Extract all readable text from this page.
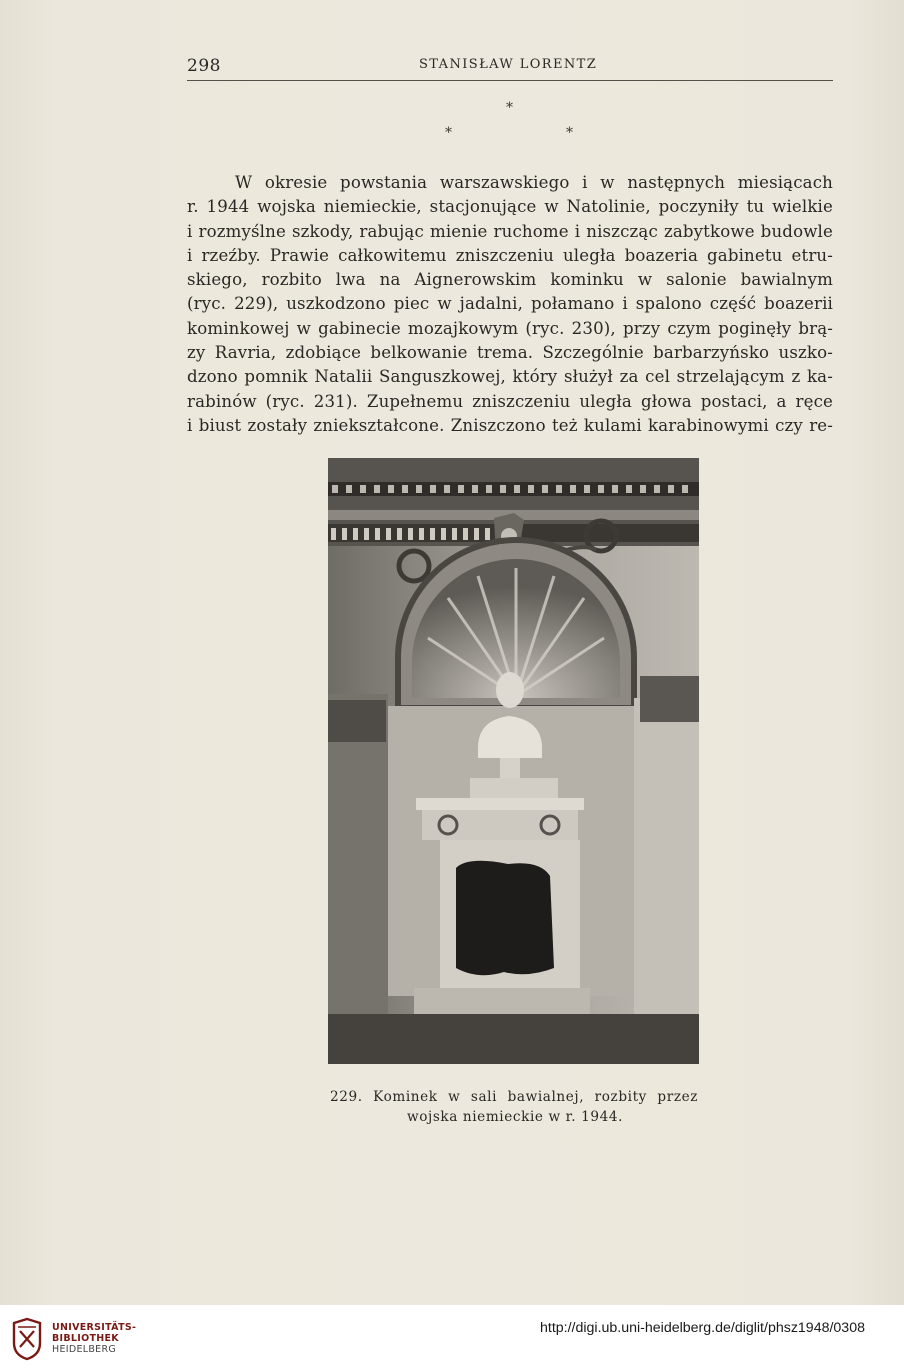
298	STANISŁAW LORENTZ
*
*	*
W okresie powstania warszawskiego i w następnych miesiącach
r. 1944 wojska niemieckie, stacjonujące w Natolinie, poczyniły tu wielkie
i rozmyślne szkody, rabując mienie ruchome i niszcząc zabytkowe budowle
i rzeźby. Prawie całkowitemu zniszczeniu uległa boazeria gabinetu etru-
skiego, rozbito lwa na Aignerowskim kominku w salonie bawialnym
(ryc. 229), uszkodzono piec w jadalni, połamano i spalono część boazerii
kominkowej w gabinecie mozajkowym (ryc. 230), przy czym poginęły brą-
zy Ravria, zdobiące belkowanie trema. Szczególnie barbarzyńsko uszko-
dzono pomnik Natalii Sanguszkowej, który służył za cel strzelającym z ka-
rabinów (ryc. 231). Zupełnemu zniszczeniu uległa głowa postaci, a ręce
i biust zostały zniekształcone. Zniszczono też kulami karabinowymi czy re-
229. Kominek w sali bawialnej, rozbity przez
wojska niemieckie w r. 1944.
UNIVERSITÄTS-
BIBLIOTHEK
HEIDELBERG
http://digi.ub.uni-heidelberg.de/diglit/phsz1948/0308
